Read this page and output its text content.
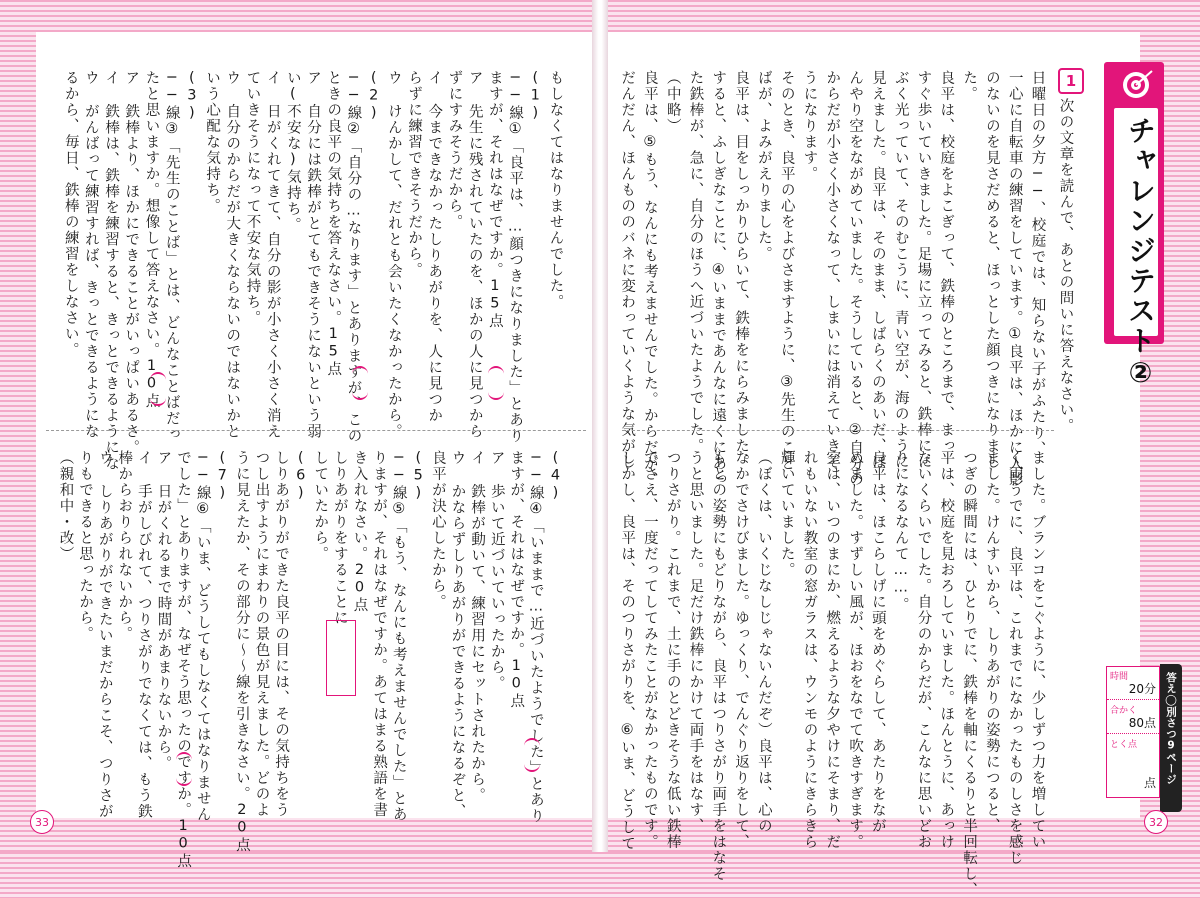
チャレンジテスト②
1
次の文章を読んで、あとの問いに答えなさい。
日曜日の夕方──、校庭では、知らない子がふたり、
一心に自転車の練習をしています。①良平は、ほかに人影
のないのを見さだめると、ほっとした顔つきになりまし
た。
良平は、校庭をよこぎって、鉄棒のところまで、まっ
すぐ歩いていきました。足場に立ってみると、鉄棒にに
ぶく光っていて、そのむこうに、青い空が、海のように
見えました。良平は、そのまま、しばらくのあいだ、ぼ
んやり空をながめていました。そうしていると、②自分の
からだが小さく小さくなって、しまいには消えていきそ
うになります。
そのとき、良平の心をよびさますように、③先生のこと
ばが、よみがえりました。
良平は、目をしっかりひらいて、鉄棒をにらみました。
すると、ふしぎなことに、④いままであんなに遠くにあっ
た鉄棒が、急に、自分のほうへ近づいたようでした。
（中略）
良平は、⑤もう、なんにも考えませんでした。からだが、
だんだん、ほんもののバネに変わっていくような気がし
ました。ブランコをこぐように、少しずつ力を増してい
く両うでに、良平は、これまでになかったものしさを感じ
ました。けんすいから、しりあがりの姿勢につると、
つぎの瞬間には、ひとりでに、鉄棒を軸にくるりと半回転し、
平は、校庭を見おろしていました。ほんとうに、あっけ
ないくらいでした。自分のからだが、こんなに思いどお
りになるなんて……。
良平は、ほこらしげに頭をめぐらして、あたりをなが
めました。すずしい風が、ほおをなでて吹きすぎます。
空は、いつのまにか、燃えるような夕やけにそまり、だ
れもいない教室の窓ガラスは、ウンモのようにきらきら
輝いていました。
（ぼくは、いくじなしじゃないんだぞ）良平は、心の
なかでさけびました。ゆっくり、でんぐり返りをして、
もとの姿勢にもどりながら、良平はつりさがり両手をはなそ
うと思いました。足だけ鉄棒にかけて両手をはなす、
つりさがり。これまで、土に手のとどきそうな低い鉄棒
でさえ、一度だってしてみたことがなかったものです。
しかし、良平は、そのつりさがりを、⑥いま、どうして
もしなくてはなりませんでした。
(1)
──線①「良平は、…顔つきになりました」とあり
ますが、それはなぜですか。15点
ア 先生に残されていたのを、ほかの人に見つから
ずにすみそうだから。
イ 今まできなかったしりあがりを、人に見つか
らずに練習できそうだから。
ウ けんかして、だれとも会いたくなかったから。
(2)
──線②「自分の…なります」とありますが、この
ときの良平の気持ちを答えなさい。15点
ア 自分には鉄棒がとてもできそうにないという弱
い(不安な)気持ち。
イ 日がくれてきて、自分の影が小さく小さく消え
ていきそうになって不安な気持ち。
ウ 自分のからだが大きくならないのではないかと
いう心配な気持ち。
(3)
──線③「先生のことば」とは、どんなことばだっ
たと思いますか。想像して答えなさい。10点
ア 鉄棒より、ほかにできることがいっぱいあるさ。
イ 鉄棒は、鉄棒を練習すると、きっとできるようにな
ウ がんばって練習すれば、きっとできるようにな
るから、毎日、鉄棒の練習をしなさい。
(4)
──線④「いままで…近づいたようでした」とあり
ますが、それはなぜですか。10点
ア 歩いて近づいていったから。
イ 鉄棒が動いて、練習用にセットされたから。
ウ かならずしりあがりができるようになるぞと、
良平が決心したから。
(5)
──線⑤「もう、なんにも考えませんでした」とあ
りますが、それはなぜですか。あてはまる熟語を書
き入れなさい。20点
しりあがりをすることに
していたから。
(6)
しりあがりができた良平の目には、その気持ちをう
つし出すようにまわりの景色が見えました。どのよ
うに見えたか、その部分に〜〜線を引きなさい。20点
(7)
──線⑥「いま、どうしてもしなくてはなりません
でした」とありますが、なぜそう思ったのですか。10点
ア 日がくれるまで時間があまりないから。
イ 手がしびれて、つりさがりでなくては、もう鉄
棒からおりられないから。
ウ しりあがりができたいまだからこそ、つりさが
りもできると思ったから。
（親和中・改）
時間
20分
合かく
80点
とく点
点 答え◯別さつ9ページ
33	32
